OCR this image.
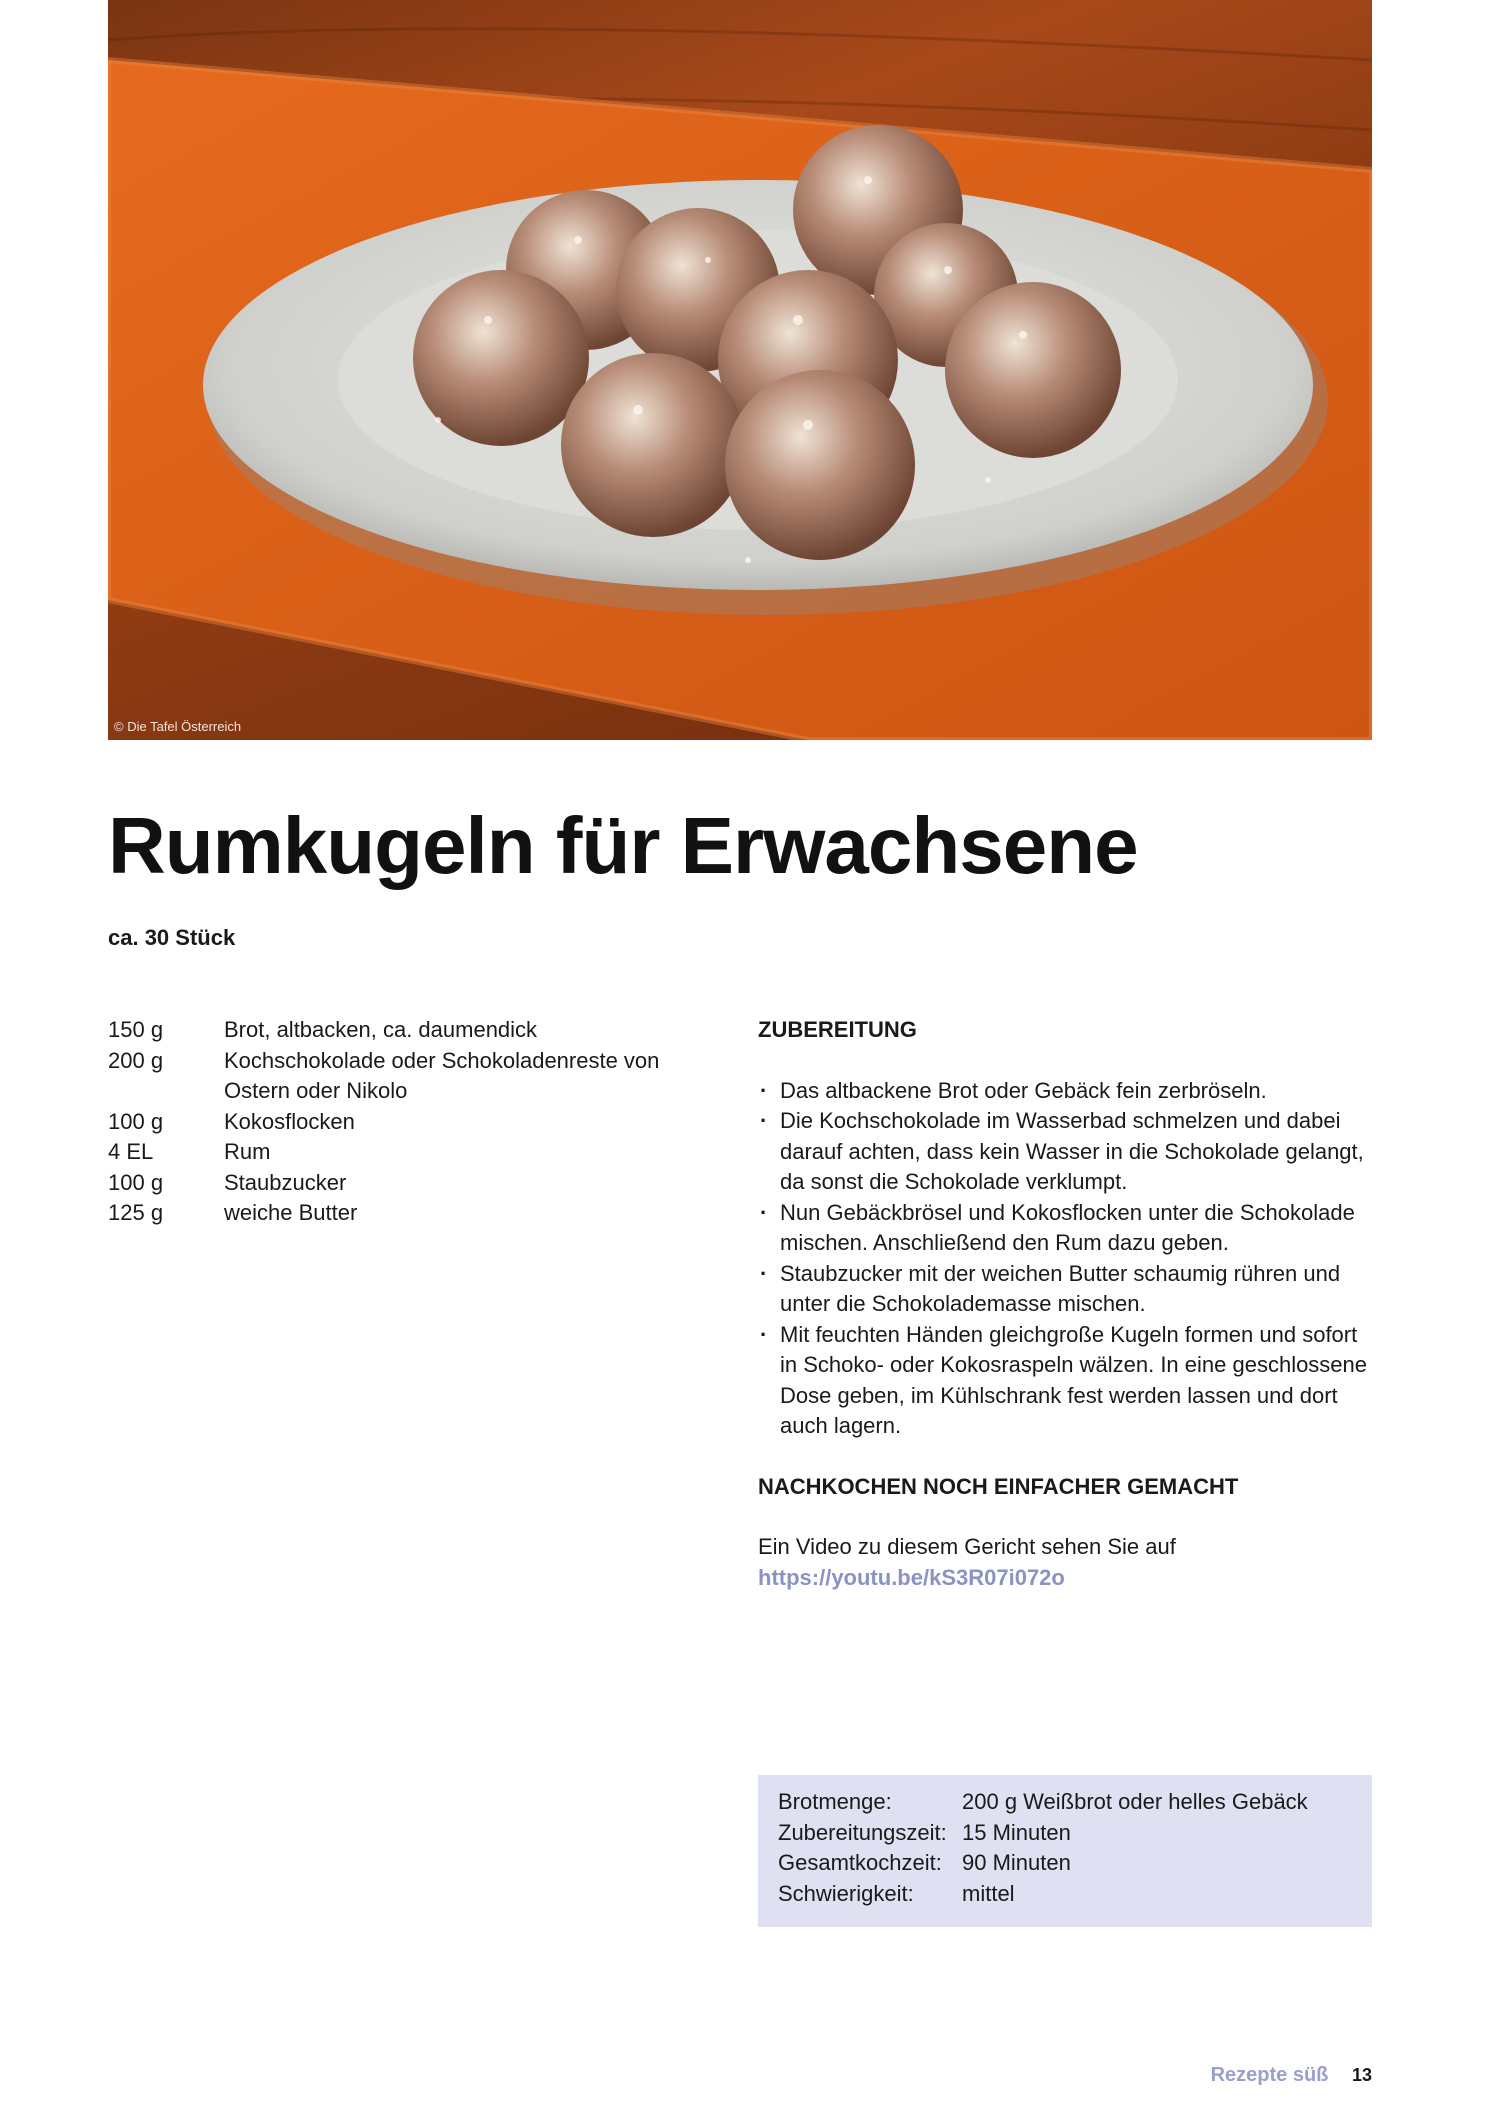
© Die Tafel Österreich
Rumkugeln für Erwachsene
ca. 30 Stück
150 g	Brot, altbacken, ca. daumendick
200 g	Kochschokolade oder Schokoladenreste von Ostern oder Nikolo
100 g	Kokosflocken
4 EL	Rum
100 g	Staubzucker
125 g	weiche Butter
ZUBEREITUNG
· Das altbackene Brot oder Gebäck fein zerbröseln.
· Die Kochschokolade im Wasserbad schmelzen und dabei darauf achten, dass kein Wasser in die Schokolade gelangt, da sonst die Schokolade verklumpt.
· Nun Gebäckbrösel und Kokosflocken unter die Schokolade mischen. Anschließend den Rum dazu geben.
· Staubzucker mit der weichen Butter schaumig rühren und unter die Schokolademasse mischen.
· Mit feuchten Händen gleichgroße Kugeln formen und sofort in Schoko- oder Kokosraspeln wälzen. In eine geschlossene Dose geben, im Kühlschrank fest werden lassen und dort auch lagern.
NACHKOCHEN NOCH EINFACHER GEMACHT
Ein Video zu diesem Gericht sehen Sie auf
https://youtu.be/kS3R07i072o
Brotmenge:	200 g Weißbrot oder helles Gebäck
Zubereitungszeit: 15 Minuten
Gesamtkochzeit: 90 Minuten
Schwierigkeit:	mittel
Rezepte süß 13
